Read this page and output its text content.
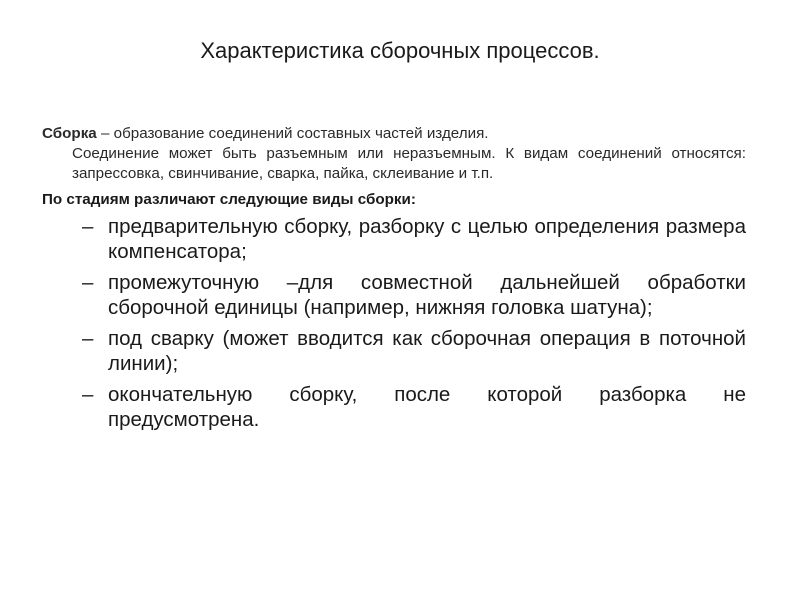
Характеристика сборочных процессов.

Сборка – образование соединений составных частей изделия.
Соединение может быть разъемным или неразъемным. К видам соединений относятся: запрессовка, свинчивание, сварка, пайка, склеивание и т.п.

По стадиям различают следующие виды сборки:

– предварительную сборку, разборку с целью определения размера компенсатора;
– промежуточную –для совместной дальнейшей обработки сборочной единицы (например, нижняя головка шатуна);
– под сварку (может вводится как сборочная операция в поточной линии);
– окончательную сборку, после которой разборка не предусмотрена.
